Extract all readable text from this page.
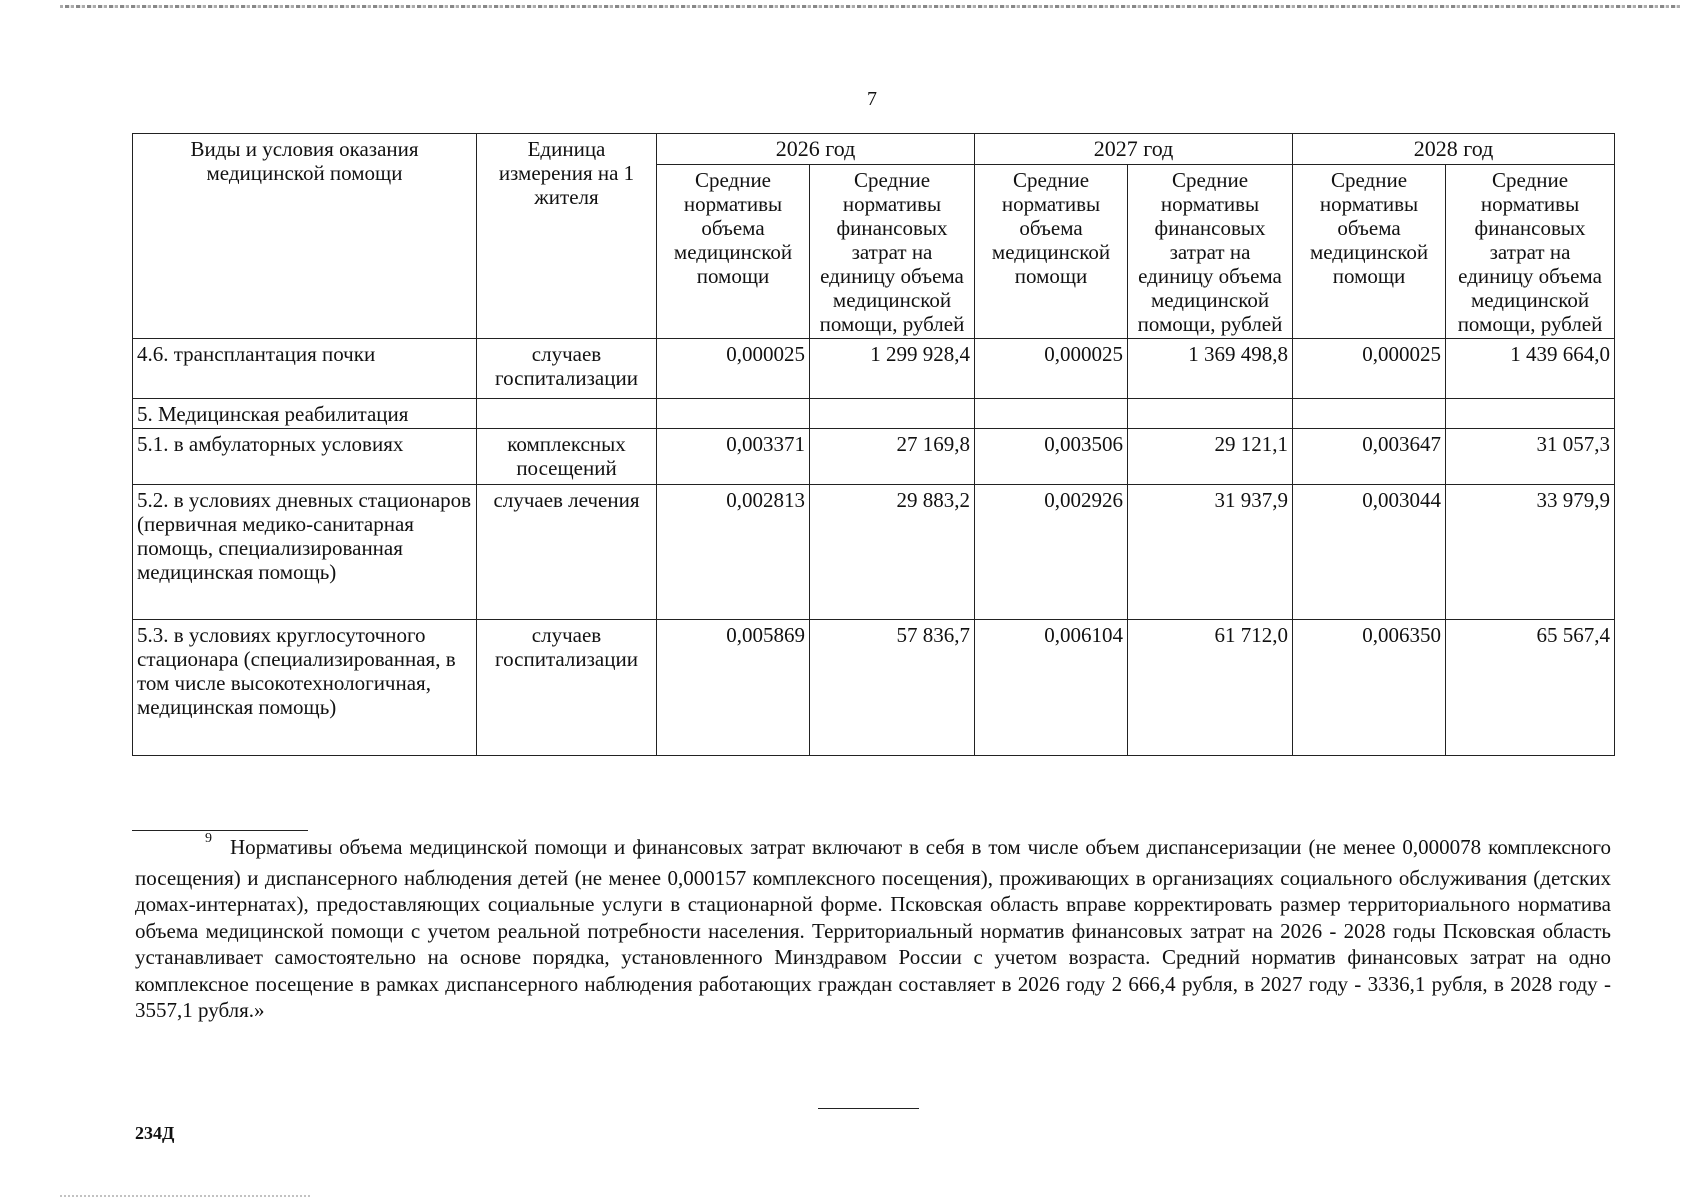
7
Виды и условия оказания медицинской помощи	Единица измерения на 1 жителя	2026 год		2027 год		2028 год	
		Средние нормативы объема медицинской помощи	Средние нормативы финансовых затрат на единицу объема медицинской помощи, рублей	Средние нормативы объема медицинской помощи	Средние нормативы финансовых затрат на единицу объема медицинской помощи, рублей	Средние нормативы объема медицинской помощи	Средние нормативы финансовых затрат на единицу объема медицинской помощи, рублей
4.6. трансплантация почки	случаев госпитализации	0,000025	1 299 928,4	0,000025	1 369 498,8	0,000025	1 439 664,0
5. Медицинская реабилитация							
5.1. в амбулаторных условиях	комплексных посещений	0,003371	27 169,8	0,003506	29 121,1	0,003647	31 057,3
5.2. в условиях дневных стационаров (первичная медико-санитарная помощь, специализированная медицинская помощь)	случаев лечения	0,002813	29 883,2	0,002926	31 937,9	0,003044	33 979,9
5.3. в условиях круглосуточного стационара (специализированная, в том числе высокотехнологичная, медицинская помощь)	случаев госпитализации	0,005869	57 836,7	0,006104	61 712,0	0,006350	65 567,4
$^9$ Нормативы объема медицинской помощи и финансовых затрат включают в себя в том числе объем диспансеризации (не менее 0,000078 комплексного посещения) и диспансерного наблюдения детей (не менее 0,000157 комплексного посещения), проживающих в организациях социального обслуживания (детских домах-интернатах), предоставляющих социальные услуги в стационарной форме. Псковская область вправе корректировать размер территориального норматива объема медицинской помощи с учетом реальной потребности населения. Территориальный норматив финансовых затрат на 2026 - 2028 годы Псковская область устанавливает самостоятельно на основе порядка, установленного Минздравом России с учетом возраста. Средний норматив финансовых затрат на одно комплексное посещение в рамках диспансерного наблюдения работающих граждан составляет в 2026 году 2 666,4 рубля, в 2027 году - 3336,1 рубля, в 2028 году - 3557,1 рубля.»
234Д
